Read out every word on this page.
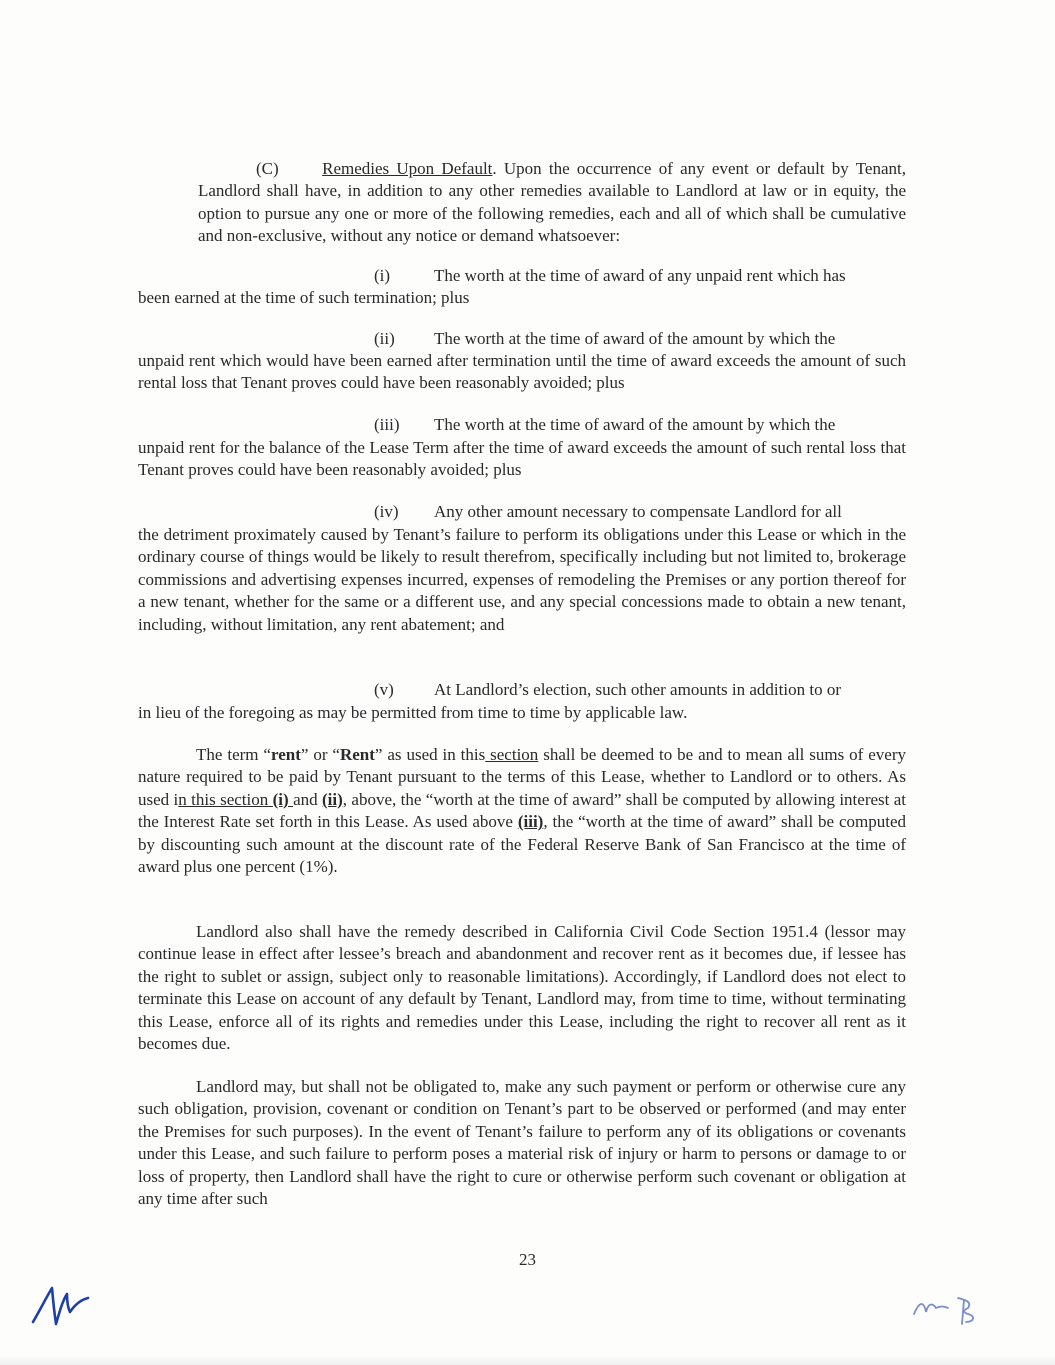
(C)	Remedies Upon Default. Upon the occurrence of any event or default by Tenant, Landlord shall have, in addition to any other remedies available to Landlord at law or in equity, the option to pursue any one or more of the following remedies, each and all of which shall be cumulative and non-exclusive, without any notice or demand whatsoever:

(i)	The worth at the time of award of any unpaid rent which has

been earned at the time of such termination; plus

(ii) The worth at the time of award of the amount by which the

unpaid rent which would have been earned after termination until the time of award exceeds the amount of such rental loss that Tenant proves could have been reasonably avoided; plus

(iii) The worth at the time of award of the amount by which the

unpaid rent for the balance of the Lease Term after the time of award exceeds the amount of such rental loss that Tenant proves could have been reasonably avoided; plus

(iv) Any other amount necessary to compensate Landlord for all

the detriment proximately caused by Tenant’s failure to perform its obligations under this Lease or which in the ordinary course of things would be likely to result therefrom, specifically including but not limited to, brokerage commissions and advertising expenses incurred, expenses of remodeling the Premises or any portion thereof for a new tenant, whether for the same or a different use, and any special concessions made to obtain a new tenant, including, without limitation, any rent abatement; and

(v) At Landlord’s election, such other amounts in addition to or

in lieu of the foregoing as may be permitted from time to time by applicable law.

The term “rent” or “Rent” as used in this section shall be deemed to be and to mean all sums of every nature required to be paid by Tenant pursuant to the terms of this Lease, whether to Landlord or to others. As used in this section (i) and (ii), above, the “worth at the time of award” shall be computed by allowing interest at the Interest Rate set forth in this Lease. As used above (iii), the “worth at the time of award” shall be computed by discounting such amount at the discount rate of the Federal Reserve Bank of San Francisco at the time of award plus one percent (1%).

Landlord also shall have the remedy described in California Civil Code Section 1951.4 (lessor may continue lease in effect after lessee’s breach and abandonment and recover rent as it becomes due, if lessee has the right to sublet or assign, subject only to reasonable limitations). Accordingly, if Landlord does not elect to terminate this Lease on account of any default by Tenant, Landlord may, from time to time, without terminating this Lease, enforce all of its rights and remedies under this Lease, including the right to recover all rent as it becomes due.

Landlord may, but shall not be obligated to, make any such payment or perform or otherwise cure any such obligation, provision, covenant or condition on Tenant’s part to be observed or performed (and may enter the Premises for such purposes). In the event of Tenant’s failure to perform any of its obligations or covenants under this Lease, and such failure to perform poses a material risk of injury or harm to persons or damage to or loss of property, then Landlord shall have the right to cure or otherwise perform such covenant or obligation at any time after such

23
